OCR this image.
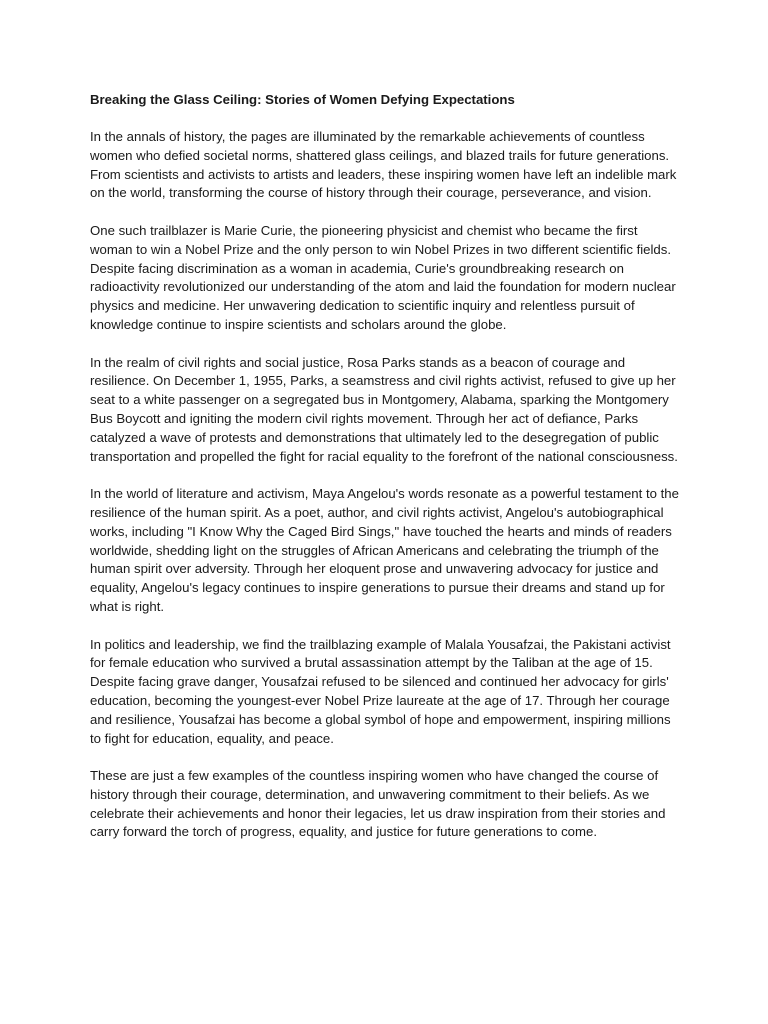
Breaking the Glass Ceiling: Stories of Women Defying Expectations

In the annals of history, the pages are illuminated by the remarkable achievements of countless women who defied societal norms, shattered glass ceilings, and blazed trails for future generations. From scientists and activists to artists and leaders, these inspiring women have left an indelible mark on the world, transforming the course of history through their courage, perseverance, and vision.

One such trailblazer is Marie Curie, the pioneering physicist and chemist who became the first woman to win a Nobel Prize and the only person to win Nobel Prizes in two different scientific fields. Despite facing discrimination as a woman in academia, Curie's groundbreaking research on radioactivity revolutionized our understanding of the atom and laid the foundation for modern nuclear physics and medicine. Her unwavering dedication to scientific inquiry and relentless pursuit of knowledge continue to inspire scientists and scholars around the globe.

In the realm of civil rights and social justice, Rosa Parks stands as a beacon of courage and resilience. On December 1, 1955, Parks, a seamstress and civil rights activist, refused to give up her seat to a white passenger on a segregated bus in Montgomery, Alabama, sparking the Montgomery Bus Boycott and igniting the modern civil rights movement. Through her act of defiance, Parks catalyzed a wave of protests and demonstrations that ultimately led to the desegregation of public transportation and propelled the fight for racial equality to the forefront of the national consciousness.

In the world of literature and activism, Maya Angelou's words resonate as a powerful testament to the resilience of the human spirit. As a poet, author, and civil rights activist, Angelou's autobiographical works, including "I Know Why the Caged Bird Sings," have touched the hearts and minds of readers worldwide, shedding light on the struggles of African Americans and celebrating the triumph of the human spirit over adversity. Through her eloquent prose and unwavering advocacy for justice and equality, Angelou's legacy continues to inspire generations to pursue their dreams and stand up for what is right.

In politics and leadership, we find the trailblazing example of Malala Yousafzai, the Pakistani activist for female education who survived a brutal assassination attempt by the Taliban at the age of 15. Despite facing grave danger, Yousafzai refused to be silenced and continued her advocacy for girls' education, becoming the youngest-ever Nobel Prize laureate at the age of 17. Through her courage and resilience, Yousafzai has become a global symbol of hope and empowerment, inspiring millions to fight for education, equality, and peace.

These are just a few examples of the countless inspiring women who have changed the course of history through their courage, determination, and unwavering commitment to their beliefs. As we celebrate their achievements and honor their legacies, let us draw inspiration from their stories and carry forward the torch of progress, equality, and justice for future generations to come.
